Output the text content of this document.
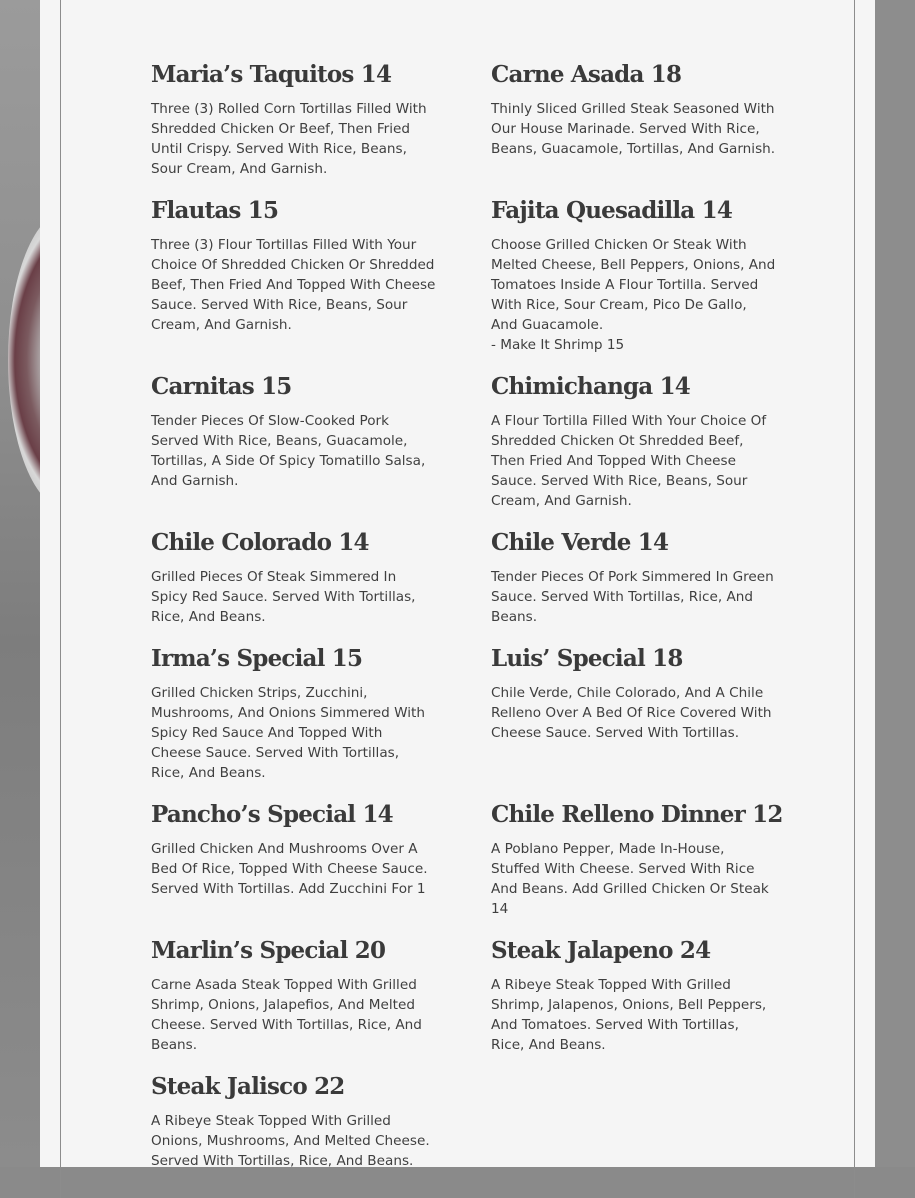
Maria’s Taquitos 14

Three (3) Rolled Corn Tortillas Filled With Shredded Chicken Or Beef, Then Fried Until Crispy. Served With Rice, Beans, Sour Cream, And Garnish.

Carne Asada 18

Thinly Sliced Grilled Steak Seasoned With Our House Marinade. Served With Rice, Beans, Guacamole, Tortillas, And Garnish.

Flautas 15

Three (3) Flour Tortillas Filled With Your Choice Of Shredded Chicken Or Shredded Beef, Then Fried And Topped With Cheese Sauce. Served With Rice, Beans, Sour Cream, And Garnish.

Fajita Quesadilla 14

Choose Grilled Chicken Or Steak With Melted Cheese, Bell Peppers, Onions, And Tomatoes Inside A Flour Tortilla. Served With Rice, Sour Cream, Pico De Gallo, And Guacamole.

- Make It Shrimp 15

Carnitas 15

Tender Pieces Of Slow-Cooked Pork Served With Rice, Beans, Guacamole, Tortillas, A Side Of Spicy Tomatillo Salsa, And Garnish.

Chimichanga 14

A Flour Tortilla Filled With Your Choice Of Shredded Chicken Ot Shredded Beef, Then Fried And Topped With Cheese Sauce. Served With Rice, Beans, Sour Cream, And Garnish.

Chile Colorado 14

Grilled Pieces Of Steak Simmered In Spicy Red Sauce. Served With Tortillas, Rice, And Beans.

Chile Verde 14

Tender Pieces Of Pork Simmered In Green Sauce. Served With Tortillas, Rice, And Beans.

Irma’s Special 15

Grilled Chicken Strips, Zucchini, Mushrooms, And Onions Simmered With Spicy Red Sauce And Topped With Cheese Sauce. Served With Tortillas, Rice, And Beans.

Luis’ Special 18

Chile Verde, Chile Colorado, And A Chile Relleno Over A Bed Of Rice Covered With Cheese Sauce. Served With Tortillas.

Pancho’s Special 14

Grilled Chicken And Mushrooms Over A Bed Of Rice, Topped With Cheese Sauce. Served With Tortillas. Add Zucchini For 1

Chile Relleno Dinner 12

A Poblano Pepper, Made In-House, Stuffed With Cheese. Served With Rice And Beans. Add Grilled Chicken Or Steak 14

Marlin’s Special 20

Carne Asada Steak Topped With Grilled Shrimp, Onions, Jalapefios, And Melted Cheese. Served With Tortillas, Rice, And Beans.

Steak Jalapeno 24

A Ribeye Steak Topped With Grilled Shrimp, Jalapenos, Onions, Bell Peppers, And Tomatoes. Served With Tortillas, Rice, And Beans.

Steak Jalisco 22

A Ribeye Steak Topped With Grilled Onions, Mushrooms, And Melted Cheese. Served With Tortillas, Rice, And Beans.
